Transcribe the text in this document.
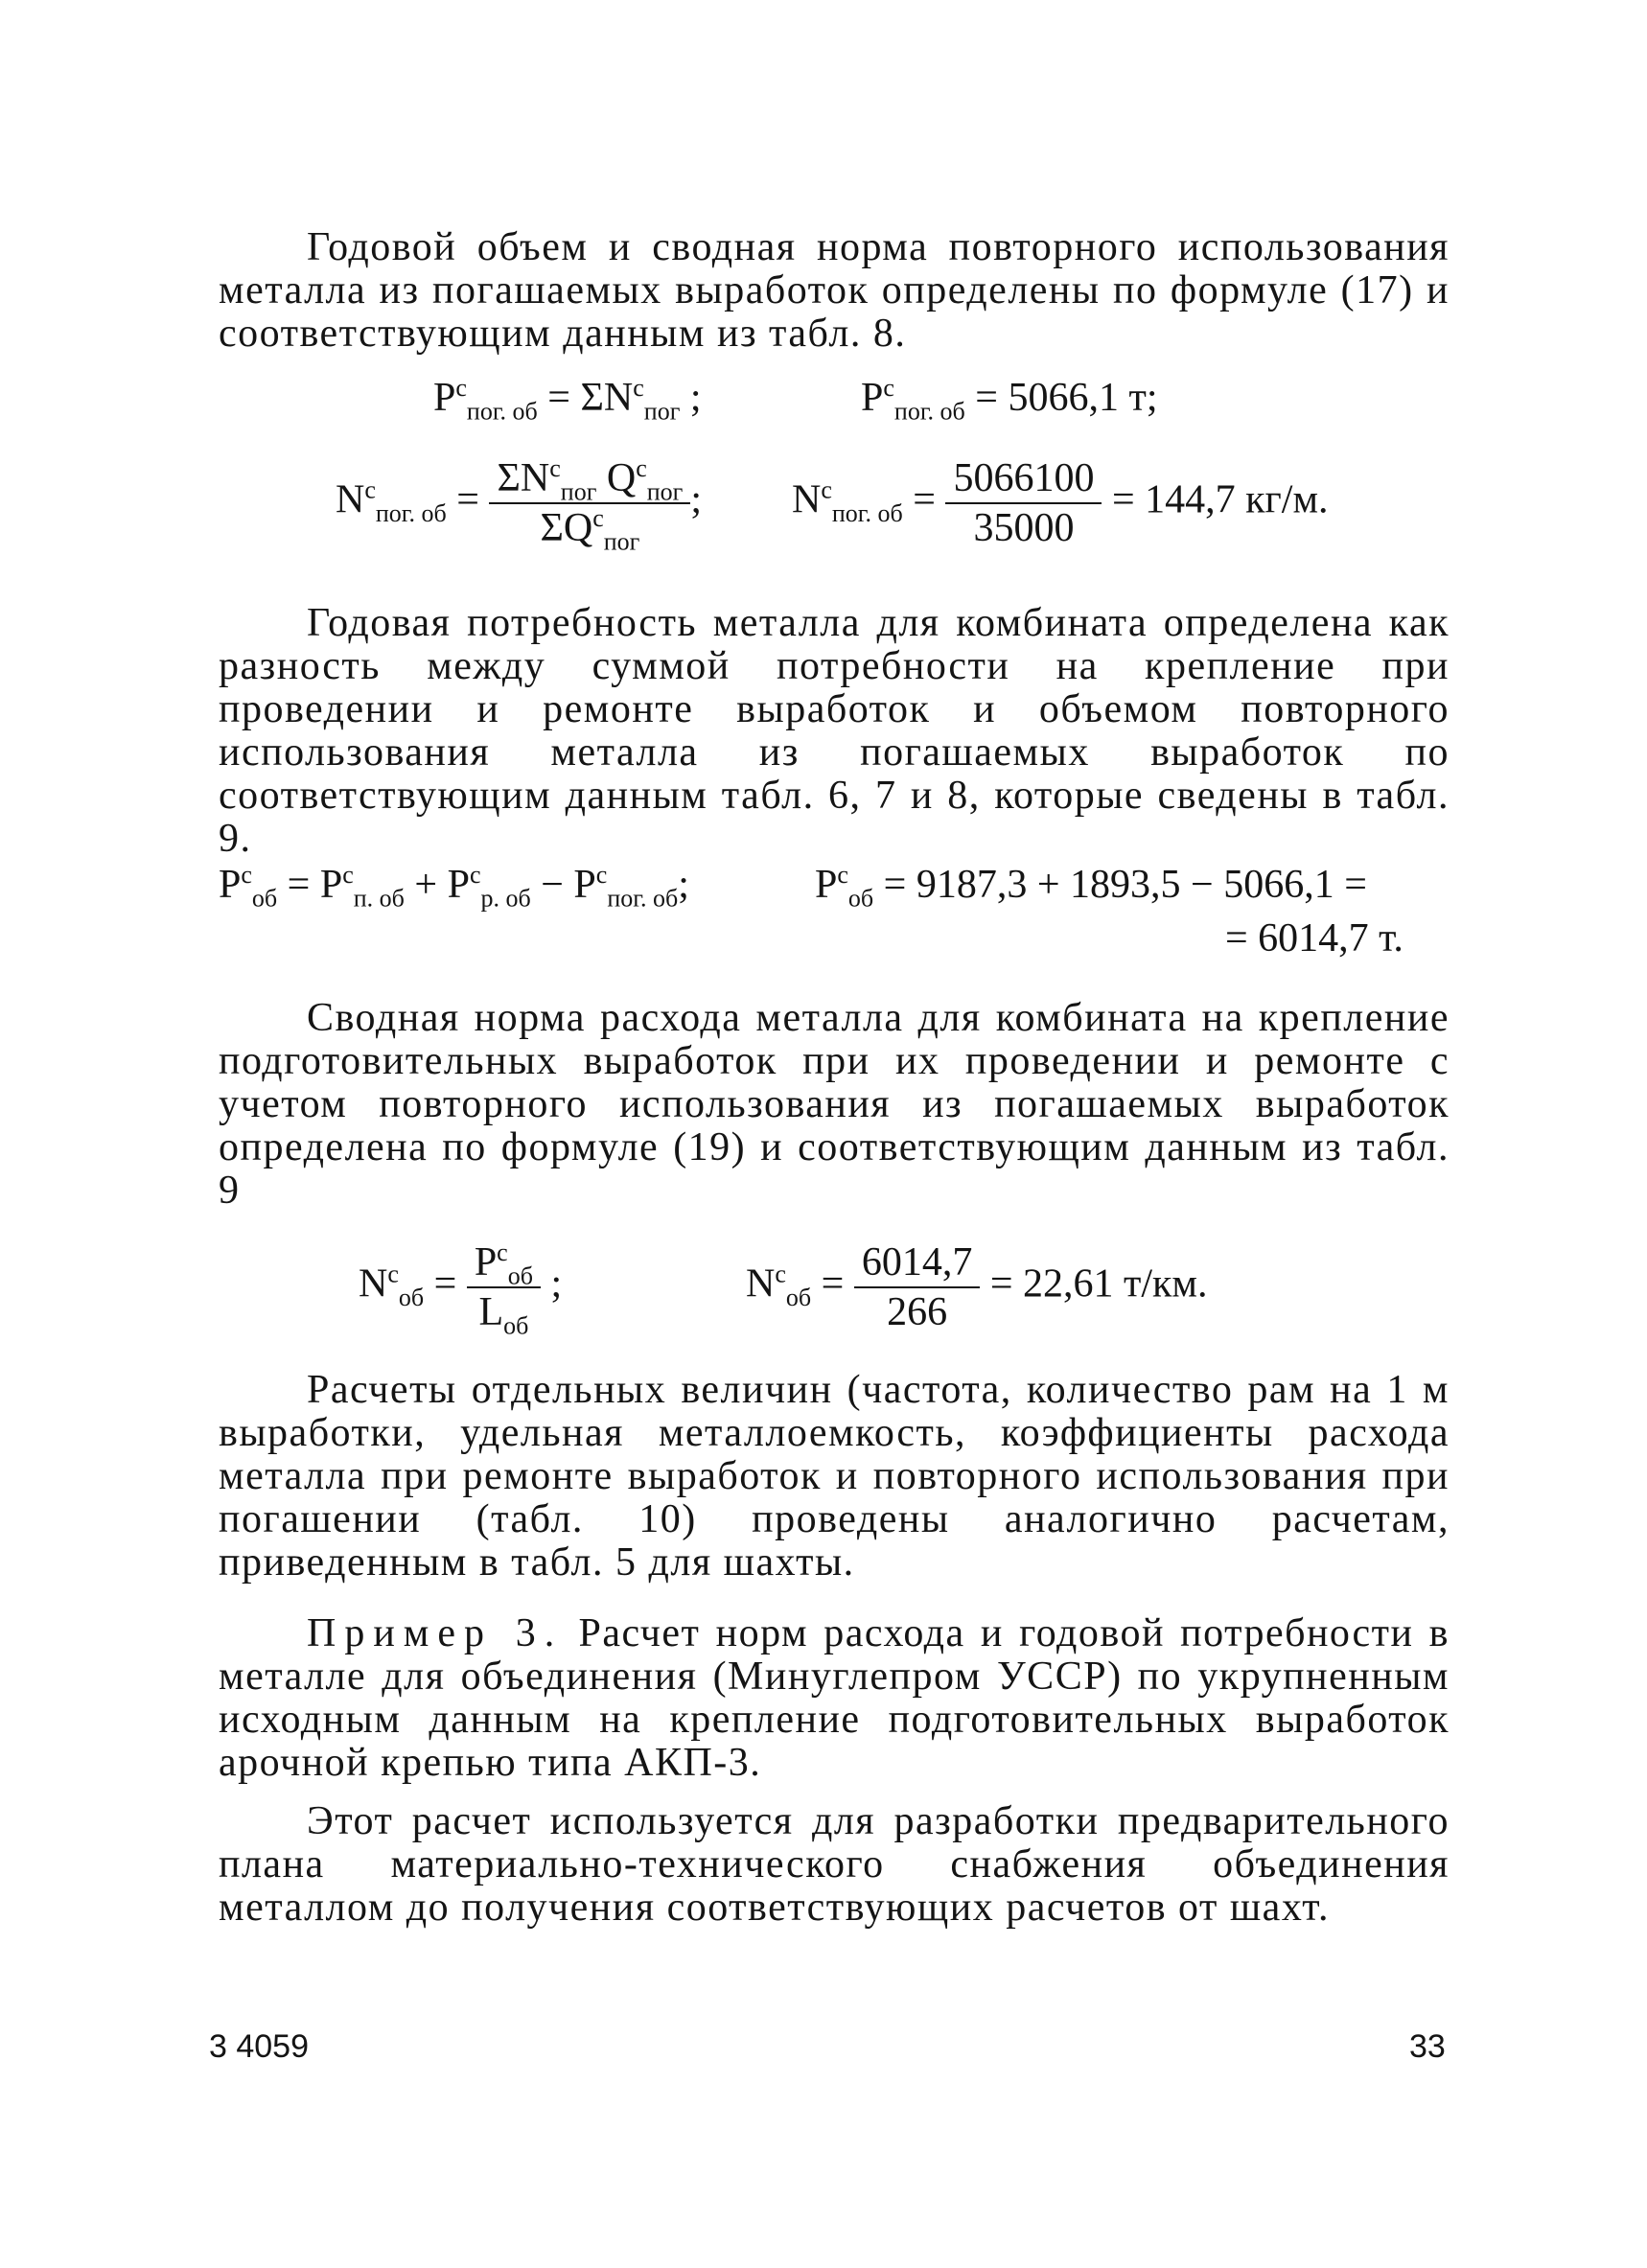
Годовой объем и сводная норма повторного использования металла из погашаемых выработок определены по формуле (17) и соответствующим данным из табл. 8.

$P^c_{пог. об} = \Sigma N^c_{пог}$ ;	$P^c_{пог. об} = 5066,1$ т;
$N^c_{пог. об} = \frac{\Sigma N^c_{пог} Q^c_{пог}}{\Sigma Q^c_{пог}}$ ; $N^c_{пог. об} = \frac{5066100}{35000} = 144,7$ кг/м.

Годовая потребность металла для комбината определена как разность между суммой потребности на крепление при проведении и ремонте выработок и объемом повторного использования металла из погашаемых выработок по соответствующим данным табл. 6, 7 и 8, которые сведены в табл. 9.

$P^c_{об} = P^c_{п. об} + P^c_{р. об} - P^c_{пог. об}$;	$P^c_{об} = 9187,3 + 1893,5 - 5066,1$ =
= 6014,7 т.

Сводная норма расхода металла для комбината на крепление подготовительных выработок при их проведении и ремонте с учетом повторного использования из погашаемых выработок определена по формуле (19) и соответствующим данным из табл. 9

$N^c_{об} = \frac{P^c_{об}}{L_{об}}$ ;	$N^c_{об} = \frac{6014,7}{266} = 22,61$ т/км.

Расчеты отдельных величин (частота, количество рам на 1 м выработки, удельная металлоемкость, коэффициенты расхода металла при ремонте выработок и повторного использования при погашении (табл. 10) проведены аналогично расчетам, приведенным в табл. 5 для шахты.

Пример 3. Расчет норм расхода и годовой потребности в металле для объединения (Минуглепром УССР) по укрупненным исходным данным на крепление подготовительных выработок арочной крепью типа АКП-3.

Этот расчет используется для разработки предварительного плана материально-технического снабжения объединения металлом до получения соответствующих расчетов от шахт.

3 4059	33
